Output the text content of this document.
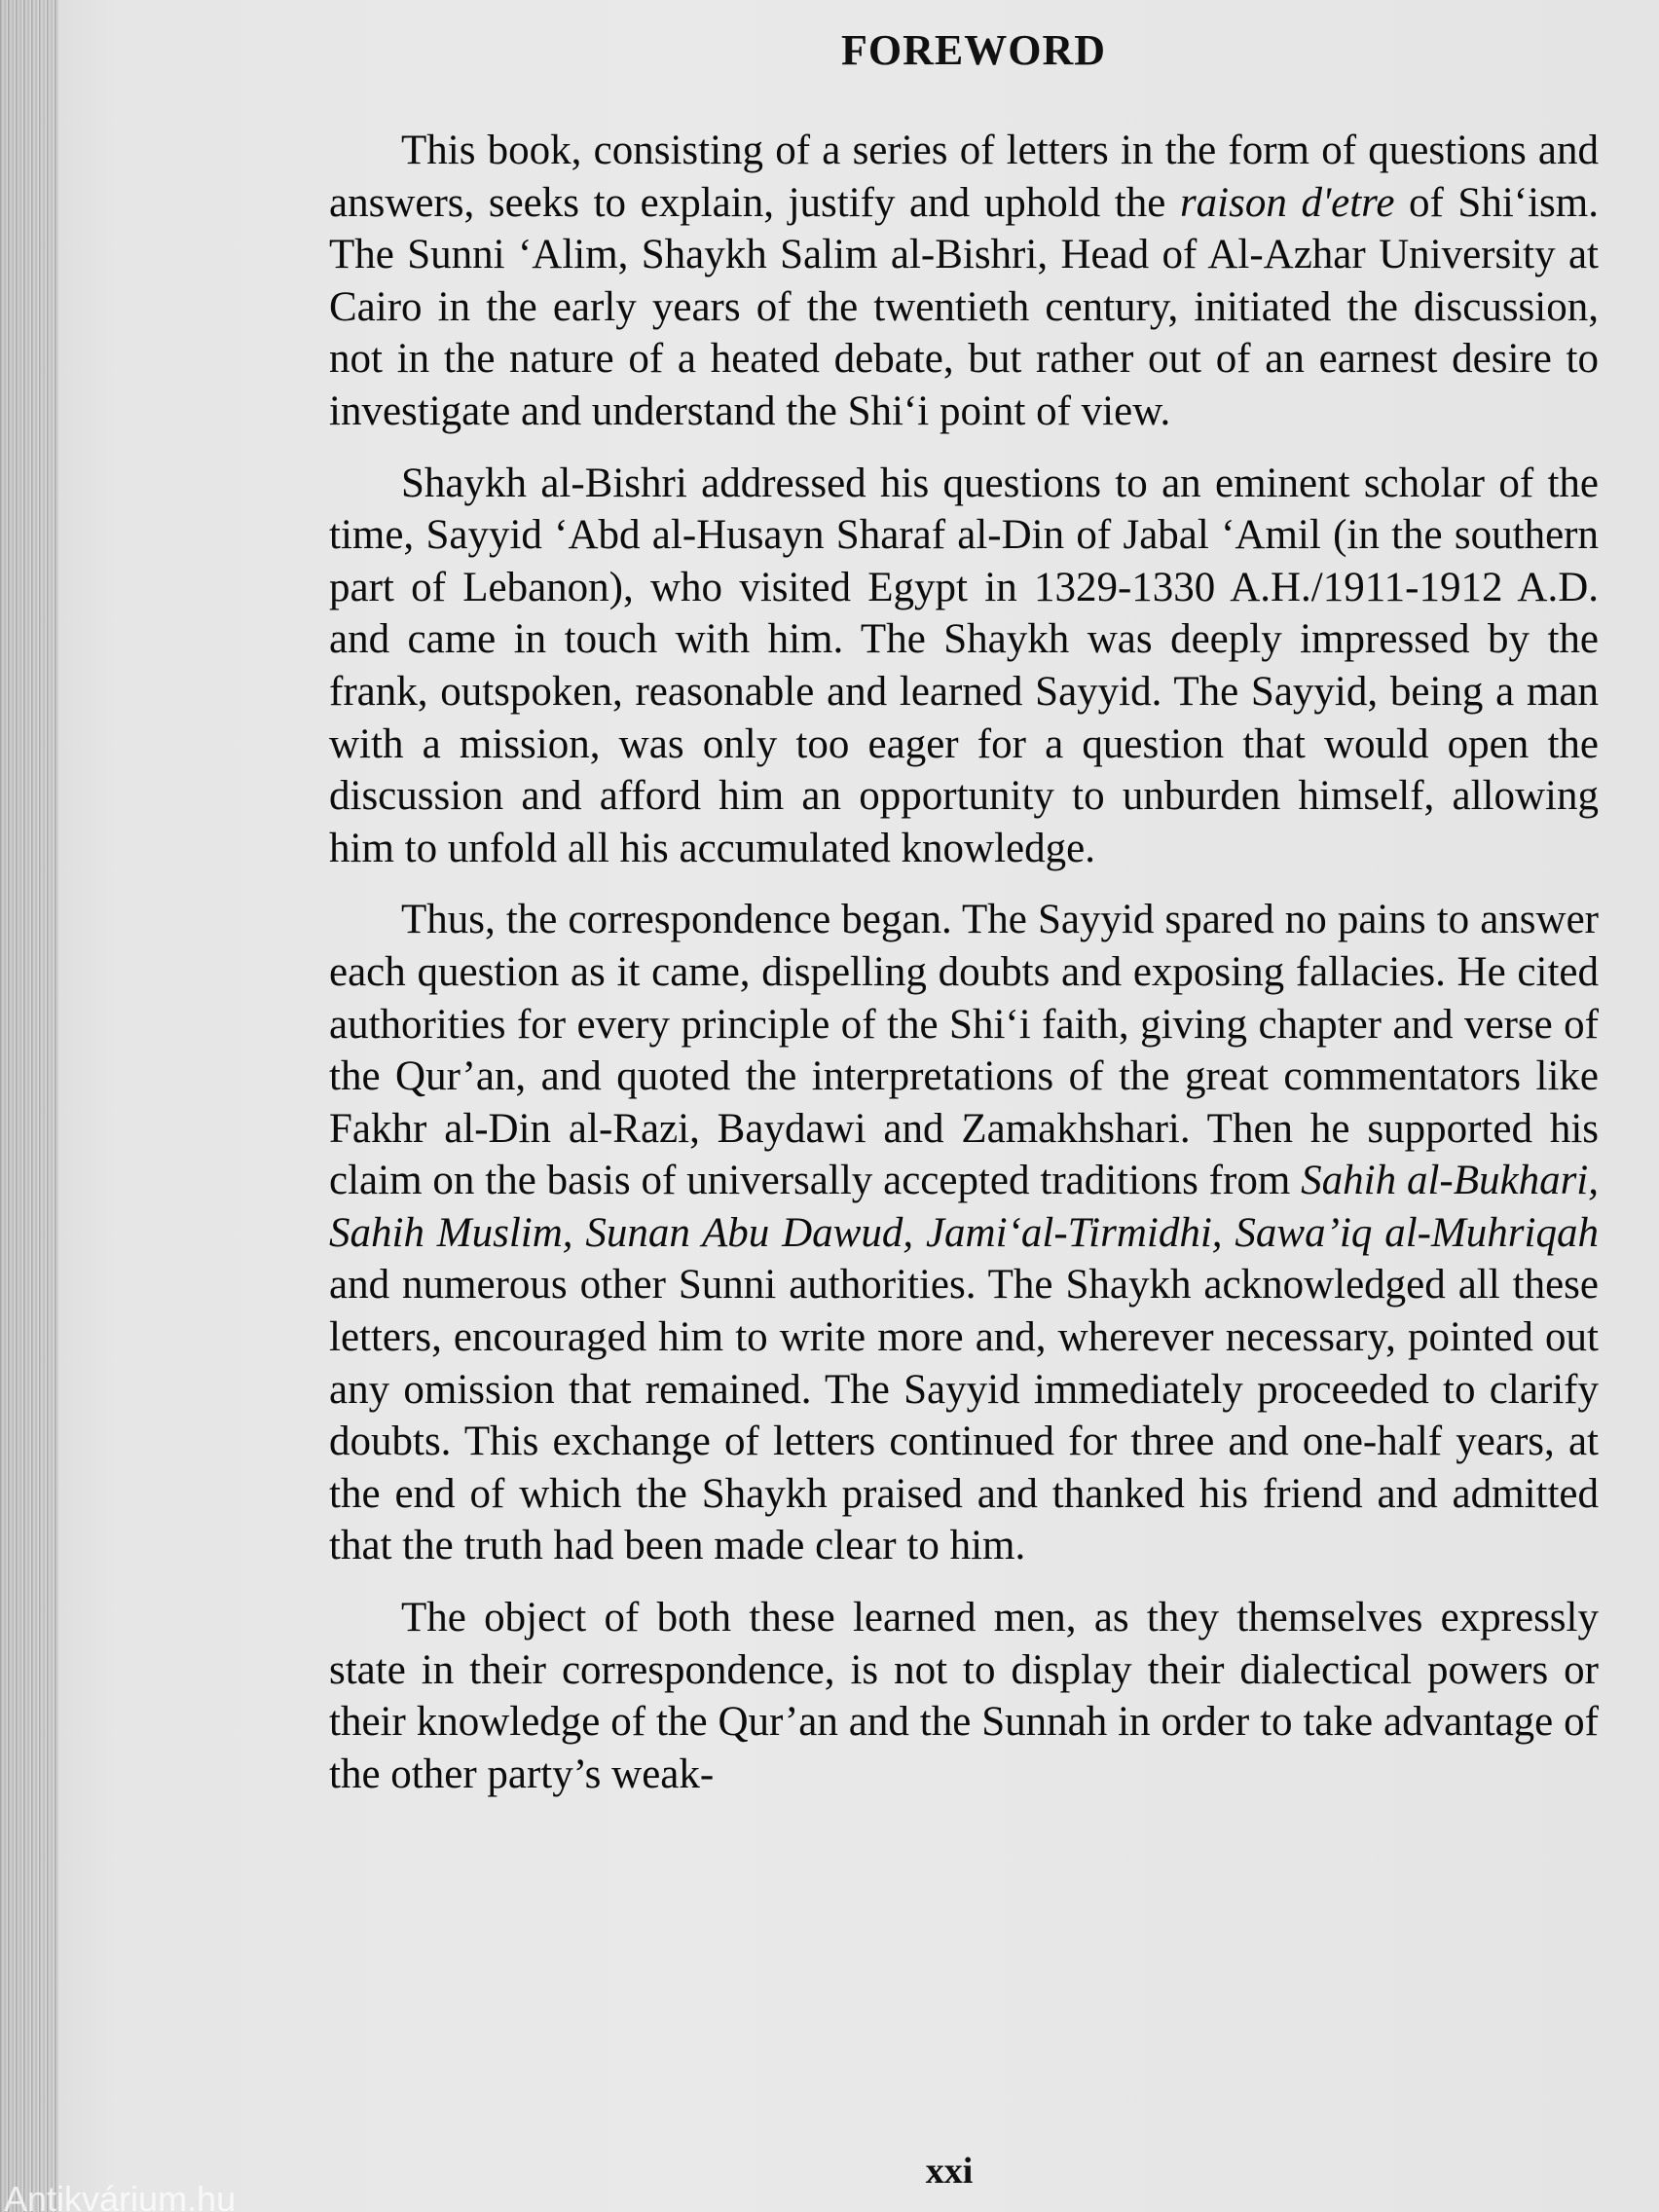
FOREWORD

This book, consisting of a series of letters in the form of questions and answers, seeks to explain, justify and uphold the raison d'etre of Shi‘ism. The Sunni ‘Alim, Shaykh Salim al-Bishri, Head of Al-Azhar University at Cairo in the early years of the twentieth century, initiated the discussion, not in the nature of a heated debate, but rather out of an earnest desire to investigate and understand the Shi‘i point of view.

Shaykh al-Bishri addressed his questions to an eminent scholar of the time, Sayyid ‘Abd al-Husayn Sharaf al-Din of Jabal ‘Amil (in the southern part of Lebanon), who visited Egypt in 1329-1330 A.H./1911-1912 A.D. and came in touch with him. The Shaykh was deeply impressed by the frank, outspoken, reasonable and learned Sayyid. The Sayyid, being a man with a mission, was only too eager for a question that would open the discussion and afford him an opportunity to unburden himself, allowing him to unfold all his accumulated knowledge.

Thus, the correspondence began. The Sayyid spared no pains to answer each question as it came, dispelling doubts and exposing fallacies. He cited authorities for every principle of the Shi‘i faith, giving chapter and verse of the Qur’an, and quoted the interpretations of the great commentators like Fakhr al-Din al-Razi, Baydawi and Zamakhshari. Then he supported his claim on the basis of universally accepted traditions from Sahih al-Bukhari, Sahih Muslim, Sunan Abu Dawud, Jami‘al-Tirmidhi, Sawa’iq al-Muhriqah and numerous other Sunni authorities. The Shaykh acknowledged all these letters, encouraged him to write more and, wherever necessary, pointed out any omission that remained. The Sayyid immediately proceeded to clarify doubts. This exchange of letters continued for three and one-half years, at the end of which the Shaykh praised and thanked his friend and admitted that the truth had been made clear to him.

The object of both these learned men, as they themselves expressly state in their correspondence, is not to display their dialectical powers or their knowledge of the Qur’an and the Sunnah in order to take advantage of the other party’s weak-

xxi
Antikvárium.hu
